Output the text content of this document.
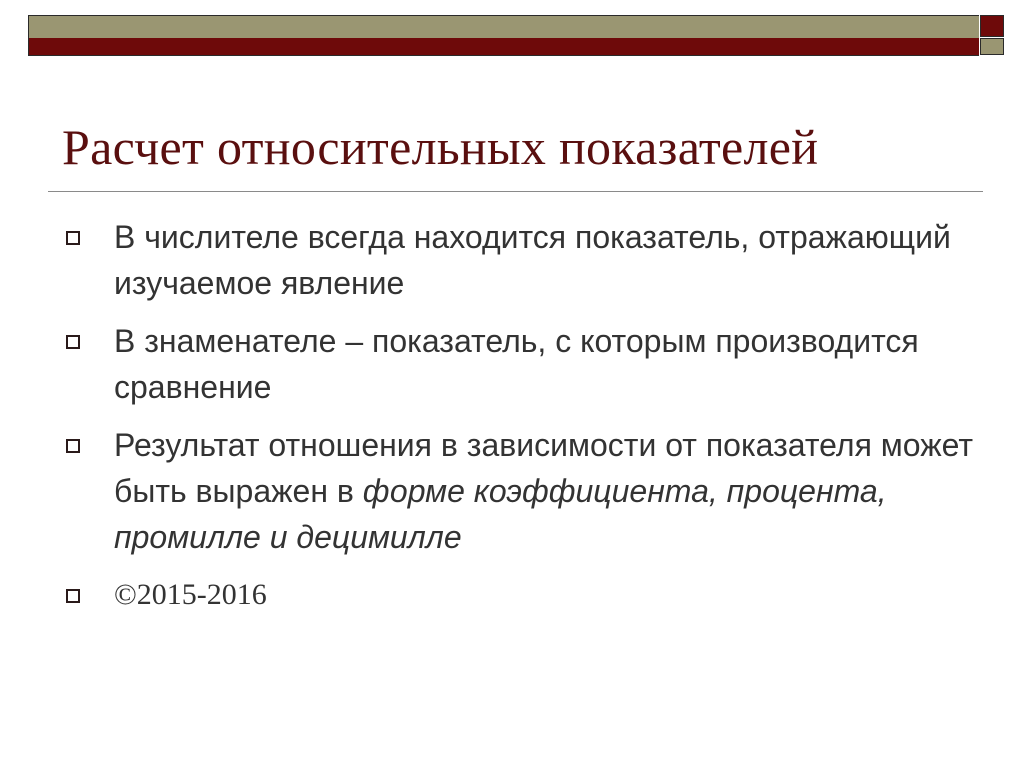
Расчет относительных показателей
В числителе всегда находится показатель, отражающий изучаемое явление
В знаменателе – показатель, с которым производится сравнение
Результат отношения в зависимости от показателя может быть выражен в форме коэффициента, процента, промилле и децимилле
©2015-2016
